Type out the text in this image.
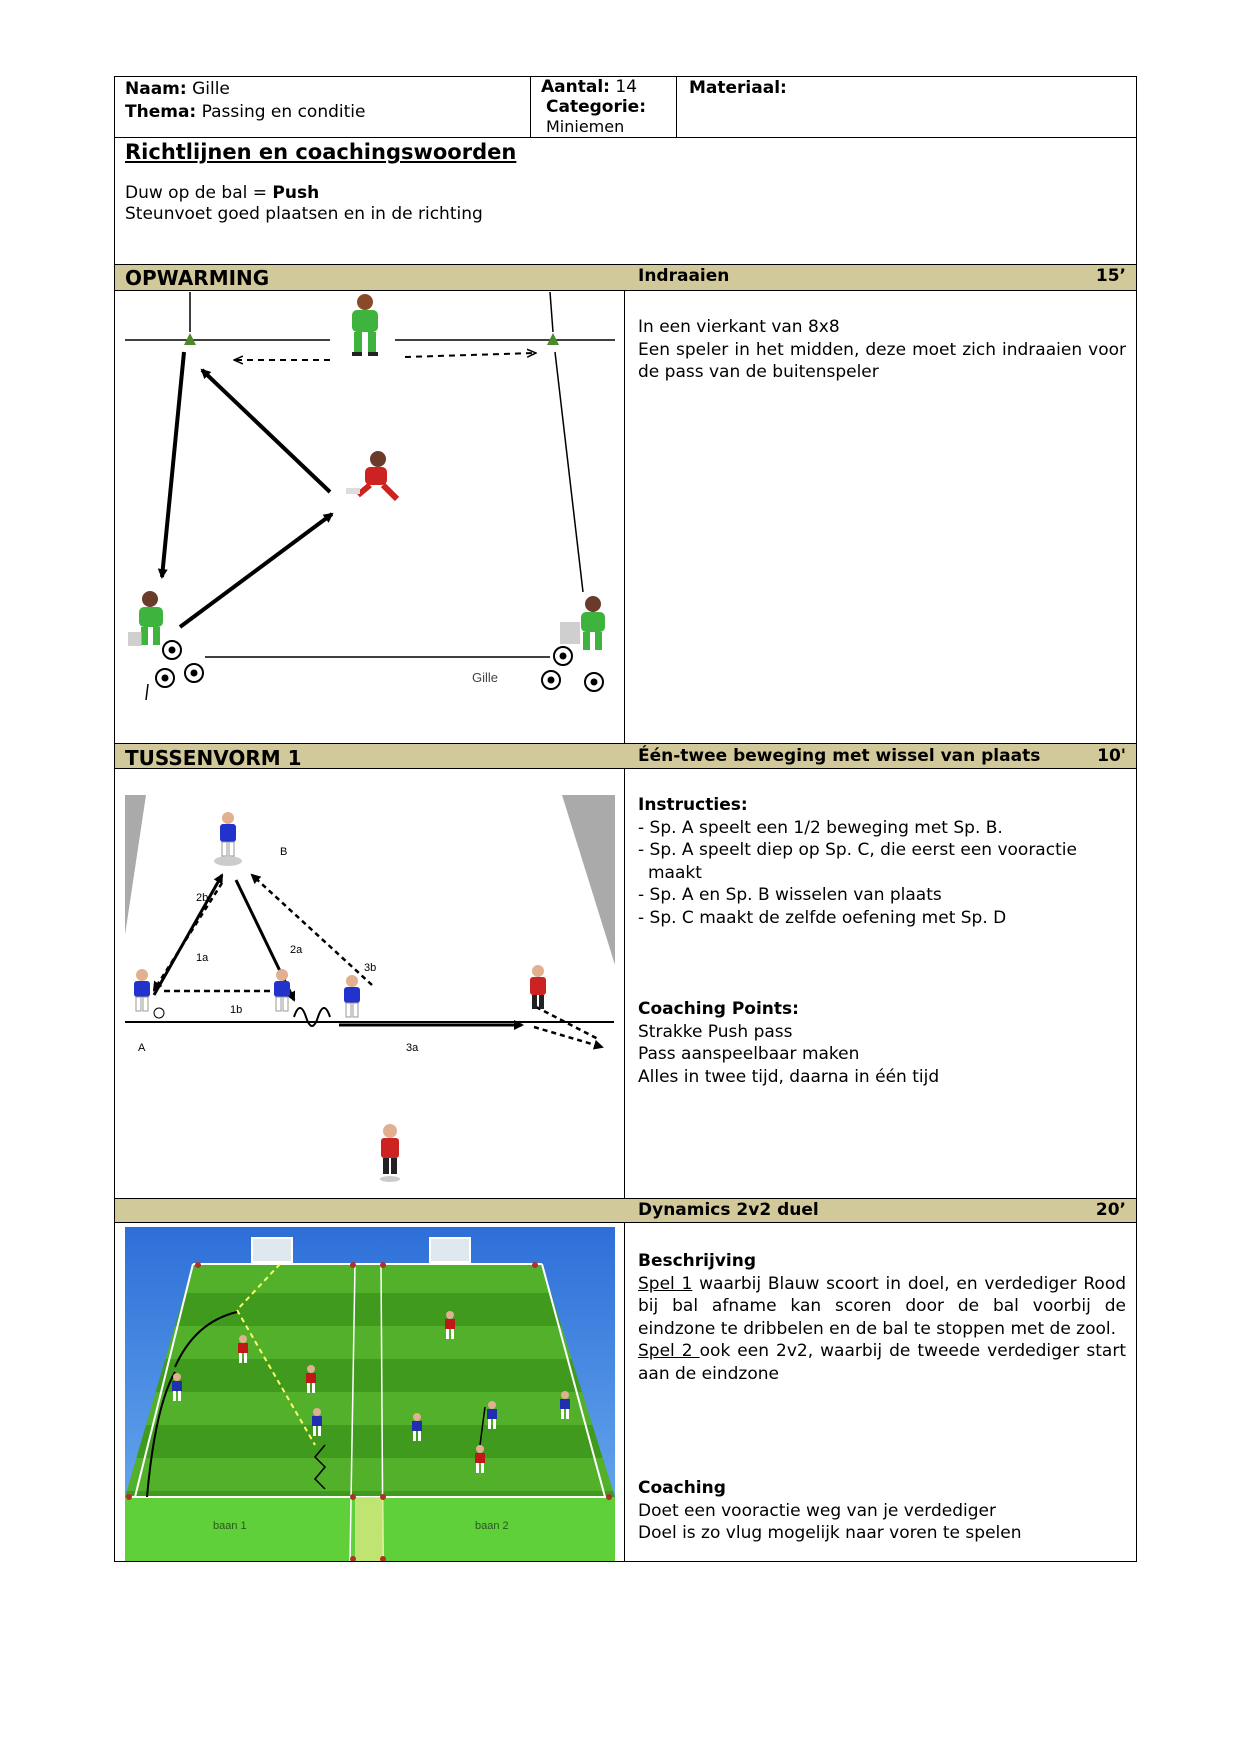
Naam: Gille
Thema: Passing en conditie
Aantal: 14
Categorie:
Miniemen
Materiaal:
Richtlijnen en coachingswoorden
Duw op de bal = Push
Steunvoet goed plaatsen en in de richting
OPWARMING	Indraaien	15’
In een vierkant van 8x8
Een speler in het midden, deze moet zich indraaien voor de pass van de buitenspeler
Gille
TUSSENVORM 1	Één-twee beweging met wissel van plaats	10'
Instructies:
- Sp. A speelt een 1/2 beweging met Sp. B.
- Sp. A speelt diep op Sp. C, die eerst een vooractie maakt
- Sp. A en Sp. B wisselen van plaats
- Sp. C maakt de zelfde oefening met Sp. D
Coaching Points:
Strakke Push pass
Pass aanspeelbaar maken
Alles in twee tijd, daarna in één tijd
B
A
1a
1b
2a
2b
3a
3b
Dynamics 2v2 duel	20’
Beschrijving
Spel 1 waarbij Blauw scoort in doel, en verdediger Rood bij bal afname kan scoren door de bal voorbij de eindzone te dribbelen en de bal te stoppen met de zool.
Spel 2 ook een 2v2, waarbij de tweede verdediger start aan de eindzone
Coaching
Doet een vooractie weg van je verdediger
Doel is zo vlug mogelijk naar voren te spelen
baan 1	baan 2
